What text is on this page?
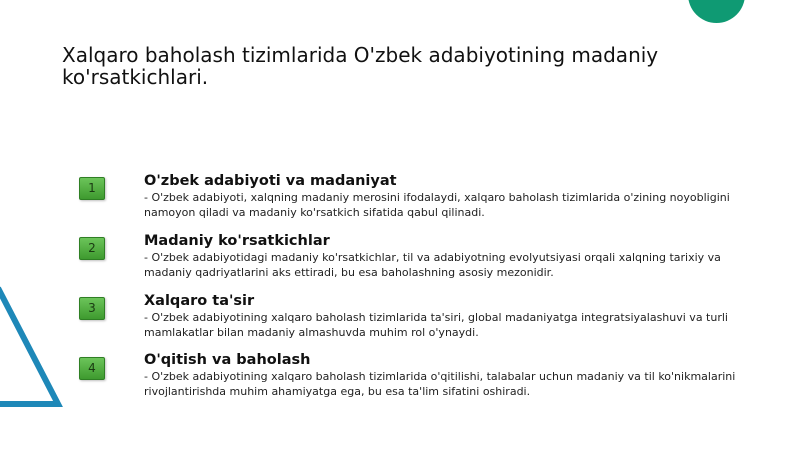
Xalqaro baholash tizimlarida O'zbek adabiyotining madaniy ko'rsatkichlari.
1	O'zbek adabiyoti va madaniyat

- O'zbek adabiyoti, xalqning madaniy merosini ifodalaydi, xalqaro baholash tizimlarida o'zining noyobligini namoyon qiladi va madaniy ko'rsatkich sifatida qabul qilinadi.

2	Madaniy ko'rsatkichlar

- O'zbek adabiyotidagi madaniy ko'rsatkichlar, til va adabiyotning evolyutsiyasi orqali xalqning tarixiy va madaniy qadriyatlarini aks ettiradi, bu esa baholashning asosiy mezonidir.

3	Xalqaro ta'sir

- O'zbek adabiyotining xalqaro baholash tizimlarida ta'siri, global madaniyatga integratsiyalashuvi va turli mamlakatlar bilan madaniy almashuvda muhim rol o'ynaydi.

4	O'qitish va baholash

- O'zbek adabiyotining xalqaro baholash tizimlarida o'qitilishi, talabalar uchun madaniy va til ko'nikmalarini rivojlantirishda muhim ahamiyatga ega, bu esa ta'lim sifatini oshiradi.
